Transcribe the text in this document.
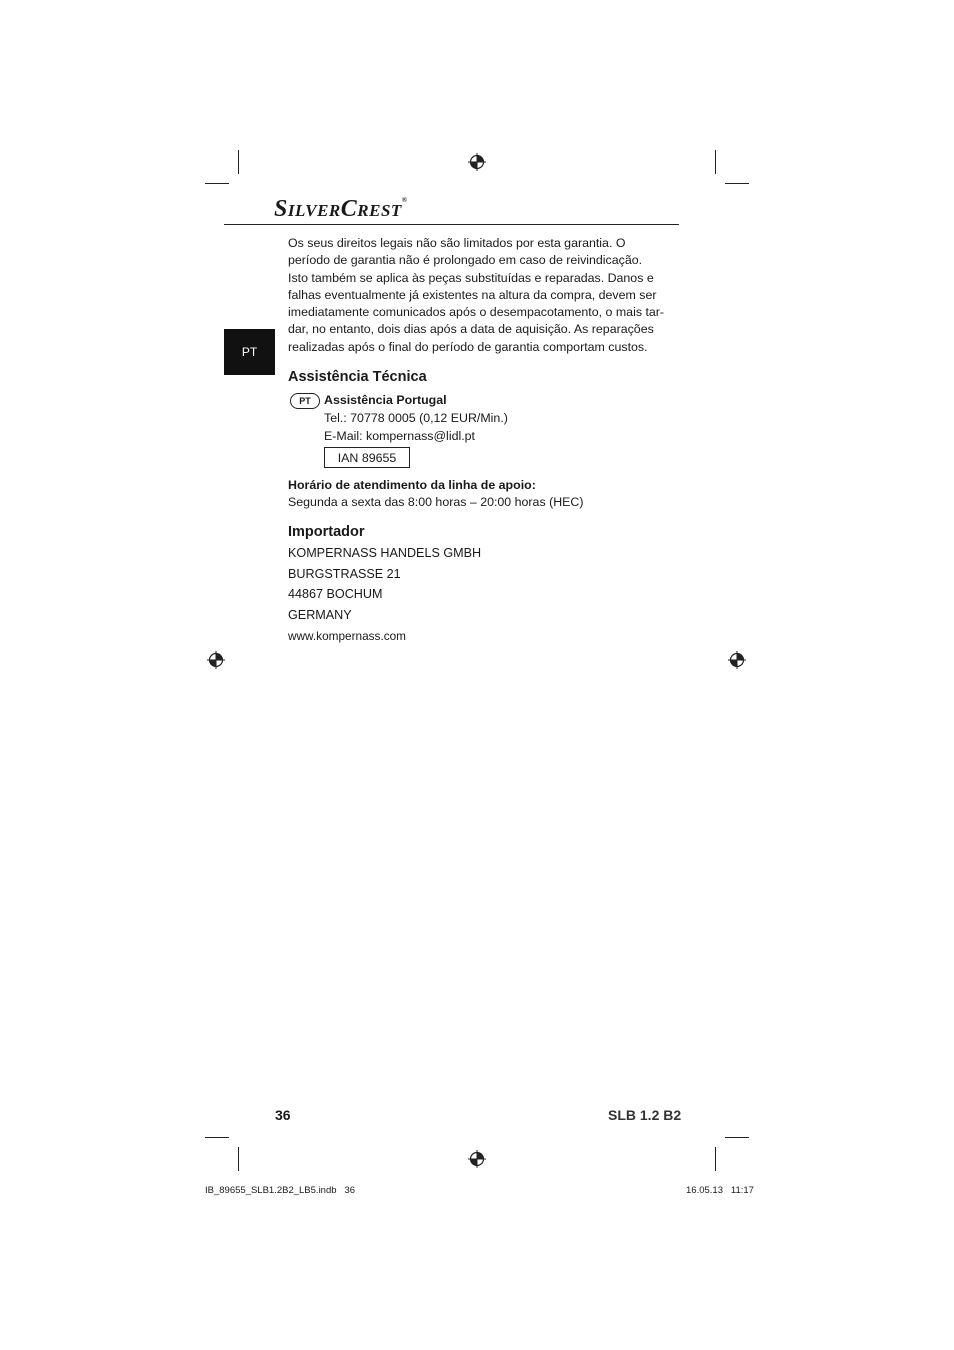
SILVERCREST®
PT
Os seus direitos legais não são limitados por esta garantia. O
período de garantia não é prolongado em caso de reivindicação.
Isto também se aplica às peças substituídas e reparadas. Danos e
falhas eventualmente já existentes na altura da compra, devem ser
imediatamente comunicados após o desempacotamento, o mais tar-
dar, no entanto, dois dias após a data de aquisição. As reparações
realizadas após o final do período de garantia comportam custos.
Assistência Técnica
PT	Assistência Portugal
Tel.: 70778 0005 (0,12 EUR/Min.)
E-Mail: kompernass@lidl.pt
IAN 89655
Horário de atendimento da linha de apoio:
Segunda a sexta das 8:00 horas – 20:00 horas (HEC)
Importador
KOMPERNASS HANDELS GMBH
BURGSTRASSE 21
44867 BOCHUM
GERMANY
www.kompernass.com
36	SLB 1.2 B2
IB_89655_SLB1.2B2_LB5.indb   36	16.05.13   11:17
